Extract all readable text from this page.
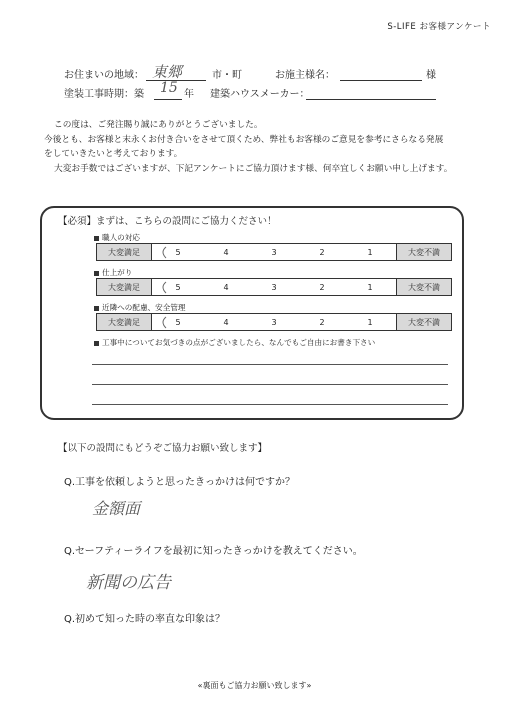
S-LIFE お客様アンケート
お住まいの地域： 東郷	市・町	お施主様名：	様
塗装工事時期：築 15 年 建築ハウスメーカー：

この度は、ご発注賜り誠にありがとうございました。

今後とも、お客様と末永くお付き合いをさせて頂くため、弊社もお客様のご意見を参考にさらなる発展

をしていきたいと考えております。

大変お手数ではございますが、下記アンケートにご協力頂けます様、何卒宜しくお願い申し上げます。

【必須】まずは、こちらの設問にご協力ください！
職人の対応
大変満足	5	4	3	2	1	大変不満
仕上がり
大変満足	5	4	3	2	1	大変不満
近隣への配慮、安全管理
大変満足	5	4	3	2	1	大変不満
工事中についてお気づきの点がございましたら、なんでもご自由にお書き下さい
【以下の設問にもどうぞご協力お願い致します】
Q.工事を依頼しようと思ったきっかけは何ですか？
金額面
Q.セーフティーライフを最初に知ったきっかけを教えてください。
新聞の広告
Q.初めて知った時の率直な印象は？
«裏面もご協力お願い致します»
